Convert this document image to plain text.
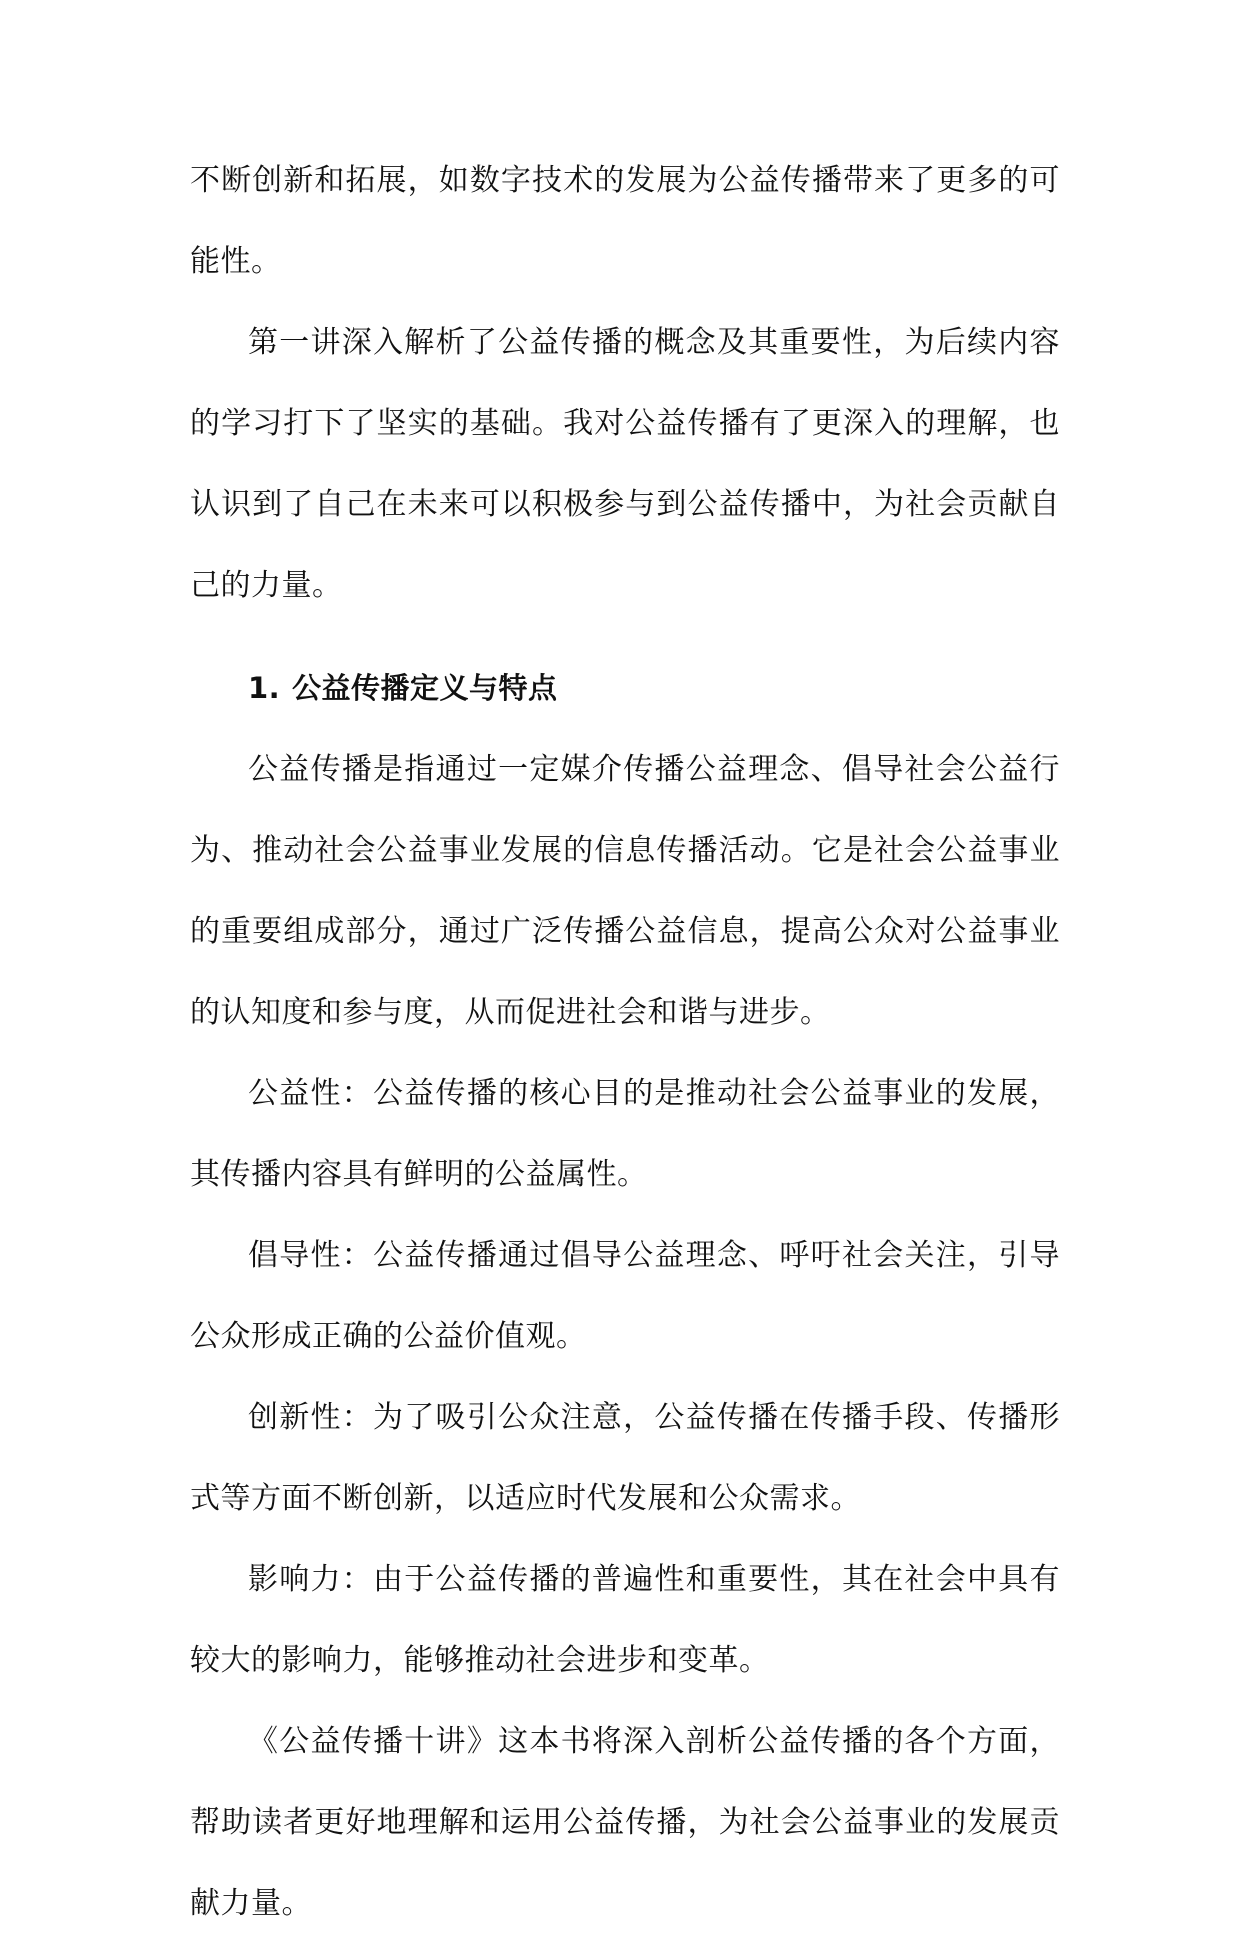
不断创新和拓展，如数字技术的发展为公益传播带来了更多的可能性。

第一讲深入解析了公益传播的概念及其重要性，为后续内容的学习打下了坚实的基础。我对公益传播有了更深入的理解，也认识到了自己在未来可以积极参与到公益传播中，为社会贡献自己的力量。

1. 公益传播定义与特点

公益传播是指通过一定媒介传播公益理念、倡导社会公益行为、推动社会公益事业发展的信息传播活动。它是社会公益事业的重要组成部分，通过广泛传播公益信息，提高公众对公益事业的认知度和参与度，从而促进社会和谐与进步。

公益性：公益传播的核心目的是推动社会公益事业的发展，其传播内容具有鲜明的公益属性。

倡导性：公益传播通过倡导公益理念、呼吁社会关注，引导公众形成正确的公益价值观。

创新性：为了吸引公众注意，公益传播在传播手段、传播形式等方面不断创新，以适应时代发展和公众需求。

影响力：由于公益传播的普遍性和重要性，其在社会中具有较大的影响力，能够推动社会进步和变革。

《公益传播十讲》这本书将深入剖析公益传播的各个方面，帮助读者更好地理解和运用公益传播，为社会公益事业的发展贡献力量。
